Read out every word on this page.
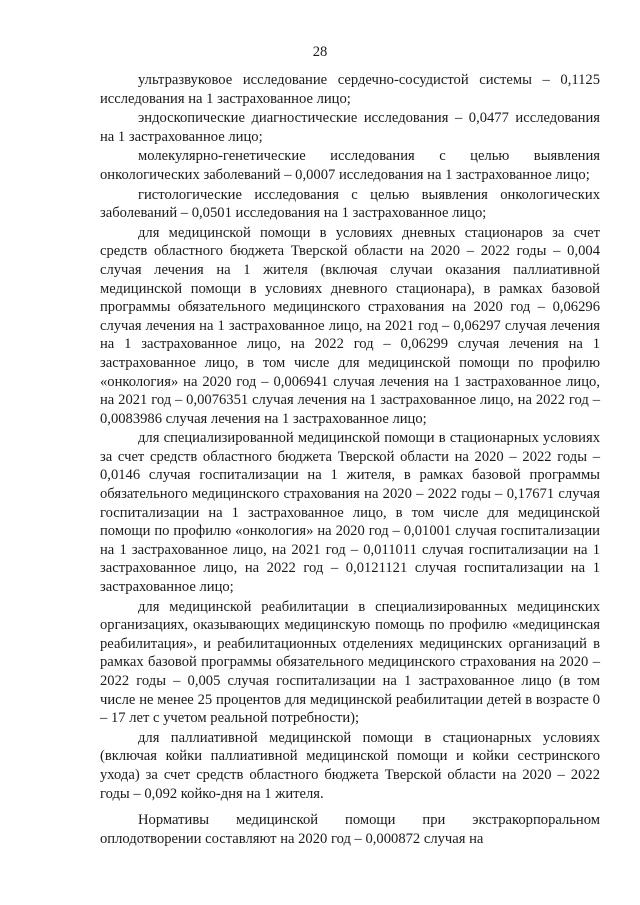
28

ультразвуковое исследование сердечно-сосудистой системы – 0,1125 исследования на 1 застрахованное лицо;

эндоскопические диагностические исследования – 0,0477 исследования на 1 застрахованное лицо;

молекулярно-генетические исследования с целью выявления онкологических заболеваний – 0,0007 исследования на 1 застрахованное лицо;

гистологические исследования с целью выявления онкологических заболеваний – 0,0501 исследования на 1 застрахованное лицо;

для медицинской помощи в условиях дневных стационаров за счет средств областного бюджета Тверской области на 2020 – 2022 годы – 0,004 случая лечения на 1 жителя (включая случаи оказания паллиативной медицинской помощи в условиях дневного стационара), в рамках базовой программы обязательного медицинского страхования на 2020 год – 0,06296 случая лечения на 1 застрахованное лицо, на 2021 год – 0,06297 случая лечения на 1 застрахованное лицо, на 2022 год – 0,06299 случая лечения на 1 застрахованное лицо, в том числе для медицинской помощи по профилю «онкология» на 2020 год – 0,006941 случая лечения на 1 застрахованное лицо, на 2021 год – 0,0076351 случая лечения на 1 застрахованное лицо, на 2022 год – 0,0083986 случая лечения на 1 застрахованное лицо;

для специализированной медицинской помощи в стационарных условиях за счет средств областного бюджета Тверской области на 2020 – 2022 годы – 0,0146 случая госпитализации на 1 жителя, в рамках базовой программы обязательного медицинского страхования на 2020 – 2022 годы – 0,17671 случая госпитализации на 1 застрахованное лицо, в том числе для медицинской помощи по профилю «онкология» на 2020 год – 0,01001 случая госпитализации на 1 застрахованное лицо, на 2021 год – 0,011011 случая госпитализации на 1 застрахованное лицо, на 2022 год – 0,0121121 случая госпитализации на 1 застрахованное лицо;

для медицинской реабилитации в специализированных медицинских организациях, оказывающих медицинскую помощь по профилю «медицинская реабилитация», и реабилитационных отделениях медицинских организаций в рамках базовой программы обязательного медицинского страхования на 2020 – 2022 годы – 0,005 случая госпитализации на 1 застрахованное лицо (в том числе не менее 25 процентов для медицинской реабилитации детей в возрасте 0 – 17 лет с учетом реальной потребности);

для паллиативной медицинской помощи в стационарных условиях (включая койки паллиативной медицинской помощи и койки сестринского ухода) за счет средств областного бюджета Тверской области на 2020 – 2022 годы – 0,092 койко-дня на 1 жителя.

Нормативы медицинской помощи при экстракорпоральном оплодотворении составляют на 2020 год – 0,000872 случая на
